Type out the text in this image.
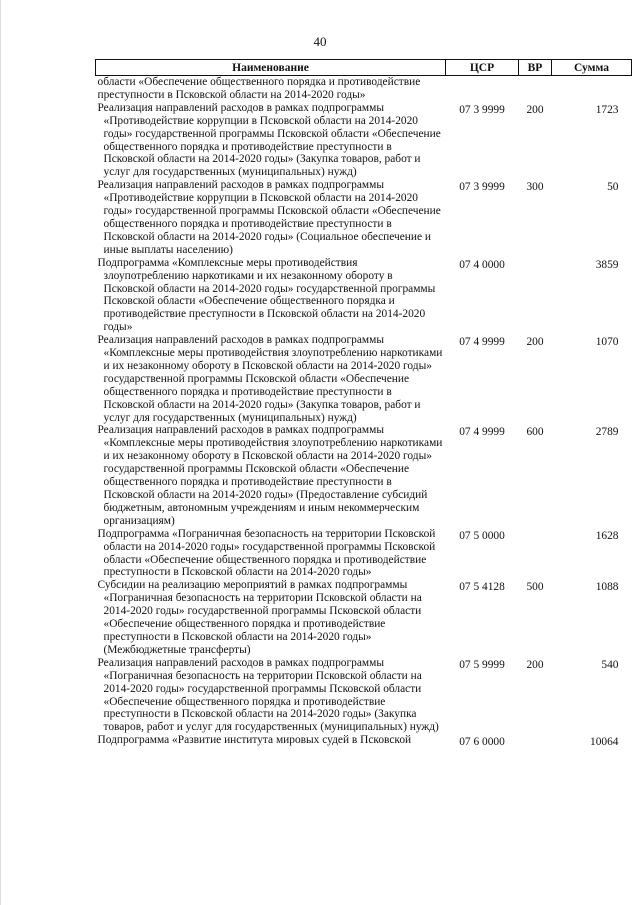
40
Наименование	ЦСР	ВР	Сумма
области «Обеспечение общественного порядка и противодействие преступности в Псковской области на 2014-2020 годы»			
Реализация направлений расходов в рамках подпрограммы «Противодействие коррупции в Псковской области на 2014-2020 годы» государственной программы Псковской области «Обеспечение общественного порядка и противодействие преступности в Псковской области на 2014-2020 годы» (Закупка товаров, работ и услуг для государственных (муниципальных) нужд)	07 3 9999	200	1723
Реализация направлений расходов в рамках подпрограммы «Противодействие коррупции в Псковской области на 2014-2020 годы» государственной программы Псковской области «Обеспечение общественного порядка и противодействие преступности в Псковской области на 2014-2020 годы» (Социальное обеспечение и иные выплаты населению)	07 3 9999	300	50
Подпрограмма «Комплексные меры противодействия злоупотреблению наркотиками и их незаконному обороту в Псковской области на 2014-2020 годы» государственной программы Псковской области «Обеспечение общественного порядка и противодействие преступности в Псковской области на 2014-2020 годы»	07 4 0000		3859
Реализация направлений расходов в рамках подпрограммы «Комплексные меры противодействия злоупотреблению наркотиками и их незаконному обороту в Псковской области на 2014-2020 годы» государственной программы Псковской области «Обеспечение общественного порядка и противодействие преступности в Псковской области на 2014-2020 годы» (Закупка товаров, работ и услуг для государственных (муниципальных) нужд)	07 4 9999	200	1070
Реализация направлений расходов в рамках подпрограммы «Комплексные меры противодействия злоупотреблению наркотиками и их незаконному обороту в Псковской области на 2014-2020 годы» государственной программы Псковской области «Обеспечение общественного порядка и противодействие преступности в Псковской области на 2014-2020 годы» (Предоставление субсидий бюджетным, автономным учреждениям и иным некоммерческим организациям)	07 4 9999	600	2789
Подпрограмма «Пограничная безопасность на территории Псковской области на 2014-2020 годы» государственной программы Псковской области «Обеспечение общественного порядка и противодействие преступности в Псковской области на 2014-2020 годы»	07 5 0000		1628
Субсидии на реализацию мероприятий в рамках подпрограммы «Пограничная безопасность на территории Псковской области на 2014-2020 годы» государственной программы Псковской области «Обеспечение общественного порядка и противодействие преступности в Псковской области на 2014-2020 годы» (Межбюджетные трансферты)	07 5 4128	500	1088
Реализация направлений расходов в рамках подпрограммы «Пограничная безопасность на территории Псковской области на 2014-2020 годы» государственной программы Псковской области «Обеспечение общественного порядка и противодействие преступности в Псковской области на 2014-2020 годы» (Закупка товаров, работ и услуг для государственных (муниципальных) нужд)	07 5 9999	200	540
Подпрограмма «Развитие института мировых судей в Псковской	07 6 0000		10064
